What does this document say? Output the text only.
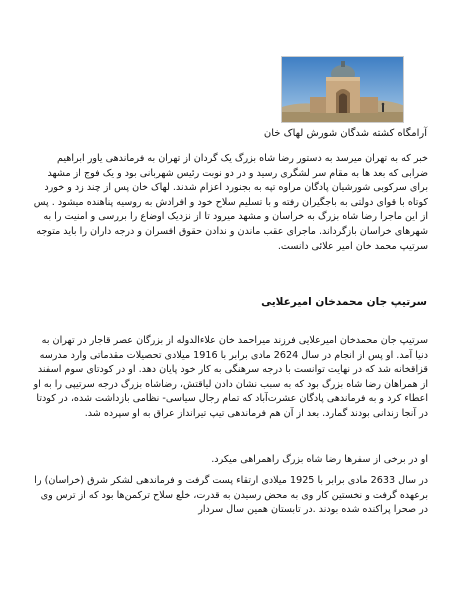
آرامگاه کشته شدگان شورش لهاک خان

خبر که به تهران میرسد به دستور رضا شاه بزرگ یک گردان از تهران به فرماندهی یاور ابراهیم ضرابی که بعد ها به مقام سر لشگری رسید و در دو نوبت رئیس شهربانی بود و یک فوج از مشهد برای سرکوبی شورشیان پادگان مراوه تپه به بجنورد اعزام شدند. لهاک خان پس از چند زد و خورد کوتاه با قوای دولتی به باجگیران رفته و با تسلیم سلاح خود و افرادش به روسیه پناهنده میشود . پس از این ماجرا رضا شاه بزرگ به خراسان و مشهد میرود تا از نزدیک اوضاع را بررسی و امنیت را به شهرهای خراسان بازگرداند. ماجرای عقب ماندن و ندادن حقوق افسران و درجه داران را باید متوجه سرتیپ محمد خان امیر علائی دانست.

سرتیپ جان محمدخان امیرعلایی

سرتیپ جان محمدخان امیرعلایی فرزند میراحمد خان علاءالدوله از بزرگان عصر قاجار در تهران به دنیا آمد. او پس از انجام در سال 2624 مادی برابر با 1916 میلادی تحصیلات مقدماتی وارد مدرسه قزاقخانه شد که در نهایت توانست با درجه سرهنگی به کار خود پایان دهد. او در کودتای سوم اسفند از همراهان رضا شاه بزرگ بود که به سبب نشان دادن لیاقتش، رضاشاه بزرگ درجه سرتیپی را به او اعطاء کرد و به فرماندهی پادگان عشرت‌آباد که تمام رجال سیاسی- نظامی بازداشت شده، در کودتا در آنجا زندانی بودند گمارد. بعد از آن هم فرماندهی تیپ تیرانداز عراق به او سپرده شد.

او در برخی از سفرها رضا شاه بزرگ راهمراهی میکرد.

در سال 2633 مادی برابر با 1925 میلادی ارتقاء پست گرفت و فرماندهی لشکر شرق (خراسان) را برعهده گرفت و نخستین کار وی به محض رسیدن به قدرت، خلع سلاح ترکمن‌ها بود که از ترس وی در صحرا پراکنده شده بودند .در تابستان همین سال سردار
